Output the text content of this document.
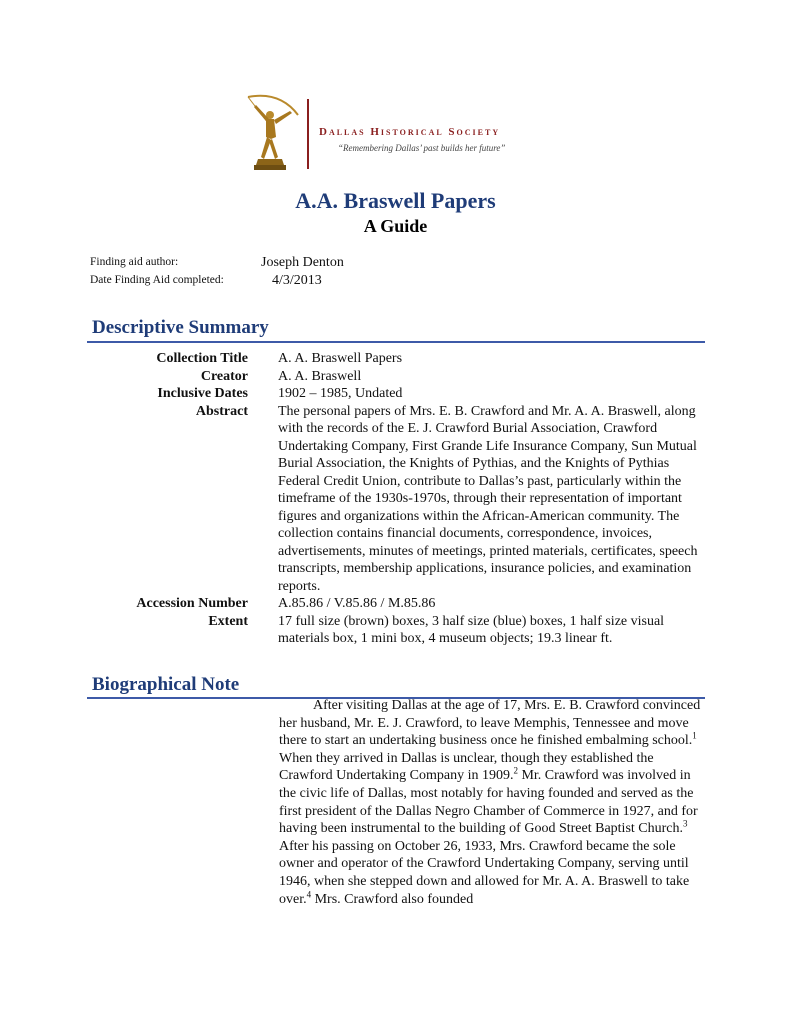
Dallas Historical Society
“Remembering Dallas’ past builds her future”
A.A. Braswell Papers
A Guide
Finding aid author:	Joseph Denton
Date Finding Aid completed:	4/3/2013
Descriptive Summary
Collection Title A. A. Braswell Papers
Creator A. A. Braswell
Inclusive Dates 1902 – 1985, Undated
Abstract The personal papers of Mrs. E. B. Crawford and Mr. A. A. Braswell, along with the records of the E. J. Crawford Burial Association, Crawford Undertaking Company, First Grande Life Insurance Company, Sun Mutual Burial Association, the Knights of Pythias, and the Knights of Pythias Federal Credit Union, contribute to Dallas’s past, particularly within the timeframe of the 1930s-1970s, through their representation of important figures and organizations within the African-American community. The collection contains financial documents, correspondence, invoices, advertisements, minutes of meetings, printed materials, certificates, speech transcripts, membership applications, insurance policies, and examination reports.
Accession Number A.85.86 / V.85.86 / M.85.86
Extent 17 full size (brown) boxes, 3 half size (blue) boxes, 1 half size visual materials box, 1 mini box, 4 museum objects; 19.3 linear ft.
Biographical Note

After visiting Dallas at the age of 17, Mrs. E. B. Crawford convinced her husband, Mr. E. J. Crawford, to leave Memphis, Tennessee and move there to start an undertaking business once he finished embalming school.$^1$ When they arrived in Dallas is unclear, though they established the Crawford Undertaking Company in 1909.$^2$ Mr. Crawford was involved in the civic life of Dallas, most notably for having founded and served as the first president of the Dallas Negro Chamber of Commerce in 1927, and for having been instrumental to the building of Good Street Baptist Church.$^3$ After his passing on October 26, 1933, Mrs. Crawford became the sole owner and operator of the Crawford Undertaking Company, serving until 1946, when she stepped down and allowed for Mr. A. A. Braswell to take over.$^4$ Mrs. Crawford also founded
